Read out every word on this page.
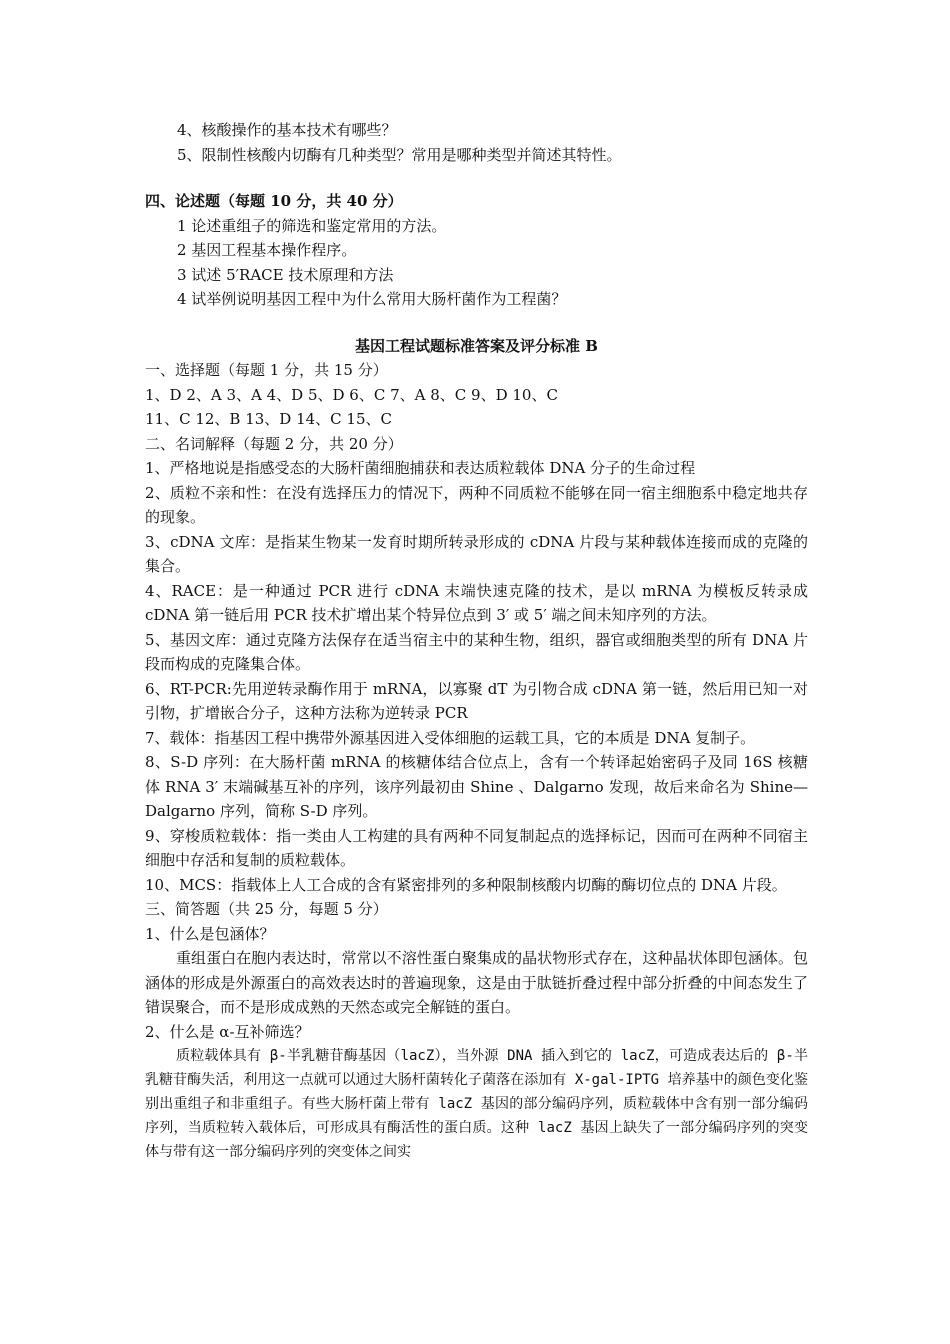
4、核酸操作的基本技术有哪些？

5、限制性核酸内切酶有几种类型？常用是哪种类型并简述其特性。

四、论述题（每题 10 分，共 40 分）

1 论述重组子的筛选和鉴定常用的方法。

2 基因工程基本操作程序。

3 试述 5′RACE 技术原理和方法

4 试举例说明基因工程中为什么常用大肠杆菌作为工程菌？

基因工程试题标准答案及评分标准 B

一、选择题（每题 1 分，共 15 分）

1、D 2、A 3、A 4、D 5、D 6、C 7、A 8、C 9、D 10、C

11、C 12、B 13、D 14、C 15、C

二、名词解释（每题 2 分，共 20 分）

1、严格地说是指感受态的大肠杆菌细胞捕获和表达质粒载体 DNA 分子的生命过程

2、质粒不亲和性：在没有选择压力的情况下，两种不同质粒不能够在同一宿主细胞系中稳定地共存的现象。

3、cDNA 文库：是指某生物某一发育时期所转录形成的 cDNA 片段与某种载体连接而成的克隆的集合。

4、RACE：是一种通过 PCR 进行 cDNA 末端快速克隆的技术，是以 mRNA 为模板反转录成 cDNA 第一链后用 PCR 技术扩增出某个特异位点到 3′ 或 5′ 端之间未知序列的方法。

5、基因文库：通过克隆方法保存在适当宿主中的某种生物，组织，器官或细胞类型的所有 DNA 片段而构成的克隆集合体。

6、RT-PCR:先用逆转录酶作用于 mRNA，以寡聚 dT 为引物合成 cDNA 第一链，然后用已知一对引物，扩增嵌合分子，这种方法称为逆转录 PCR

7、载体：指基因工程中携带外源基因进入受体细胞的运载工具，它的本质是 DNA 复制子。

8、S-D 序列：在大肠杆菌 mRNA 的核糖体结合位点上，含有一个转译起始密码子及同 16S 核糖体 RNA 3′ 末端碱基互补的序列，该序列最初由 Shine 、Dalgarno 发现，故后来命名为 Shine—Dalgarno 序列，简称 S-D 序列。

9、穿梭质粒载体：指一类由人工构建的具有两种不同复制起点的选择标记，因而可在两种不同宿主细胞中存活和复制的质粒载体。

10、MCS：指载体上人工合成的含有紧密排列的多种限制核酸内切酶的酶切位点的 DNA 片段。

三、简答题（共 25 分，每题 5 分）

1、什么是包涵体？

重组蛋白在胞内表达时，常常以不溶性蛋白聚集成的晶状物形式存在，这种晶状体即包涵体。包涵体的形成是外源蛋白的高效表达时的普遍现象，这是由于肽链折叠过程中部分折叠的中间态发生了错误聚合，而不是形成成熟的天然态或完全解链的蛋白。

2、什么是 α-互补筛选？

质粒载体具有 β-半乳糖苷酶基因（lacZ），当外源 DNA 插入到它的 lacZ，可造成表达后的 β-半乳糖苷酶失活，利用这一点就可以通过大肠杆菌转化子菌落在添加有 X-gal-IPTG 培养基中的颜色变化鉴别出重组子和非重组子。有些大肠杆菌上带有 lacZ 基因的部分编码序列，质粒载体中含有别一部分编码序列，当质粒转入载体后，可形成具有酶活性的蛋白质。这种 lacZ 基因上缺失了一部分编码序列的突变体与带有这一部分编码序列的突变体之间实
